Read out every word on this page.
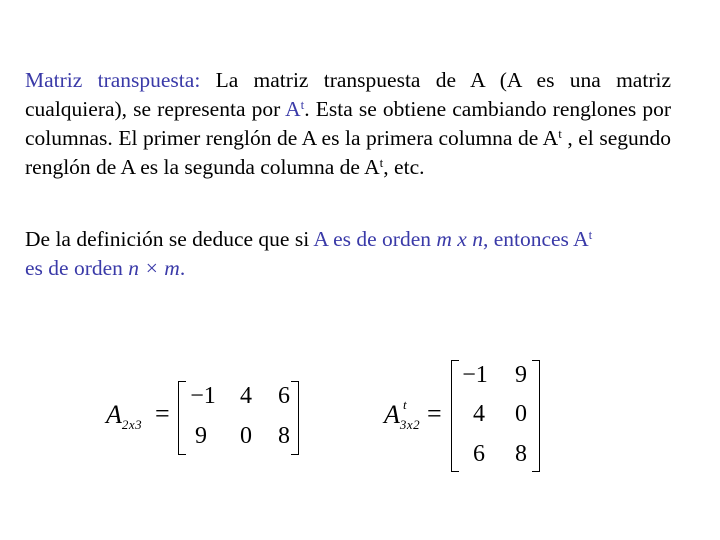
Matriz transpuesta: La matriz transpuesta de A (A es una matriz cualquiera), se representa por $A^t$. Esta se obtiene cambiando renglones por columnas. El primer renglón de A es la primera columna de $A^t$ , el segundo renglón de A es la segunda columna de $A^t$, etc.

De la definición se deduce que si A es de orden m x n, entonces $A^t$
es de orden n × m.

$A_{2x3}$ =
−1	4	6
9	0	8
A t
$_{3x2}$ =
−1	9
4	0
6	8
